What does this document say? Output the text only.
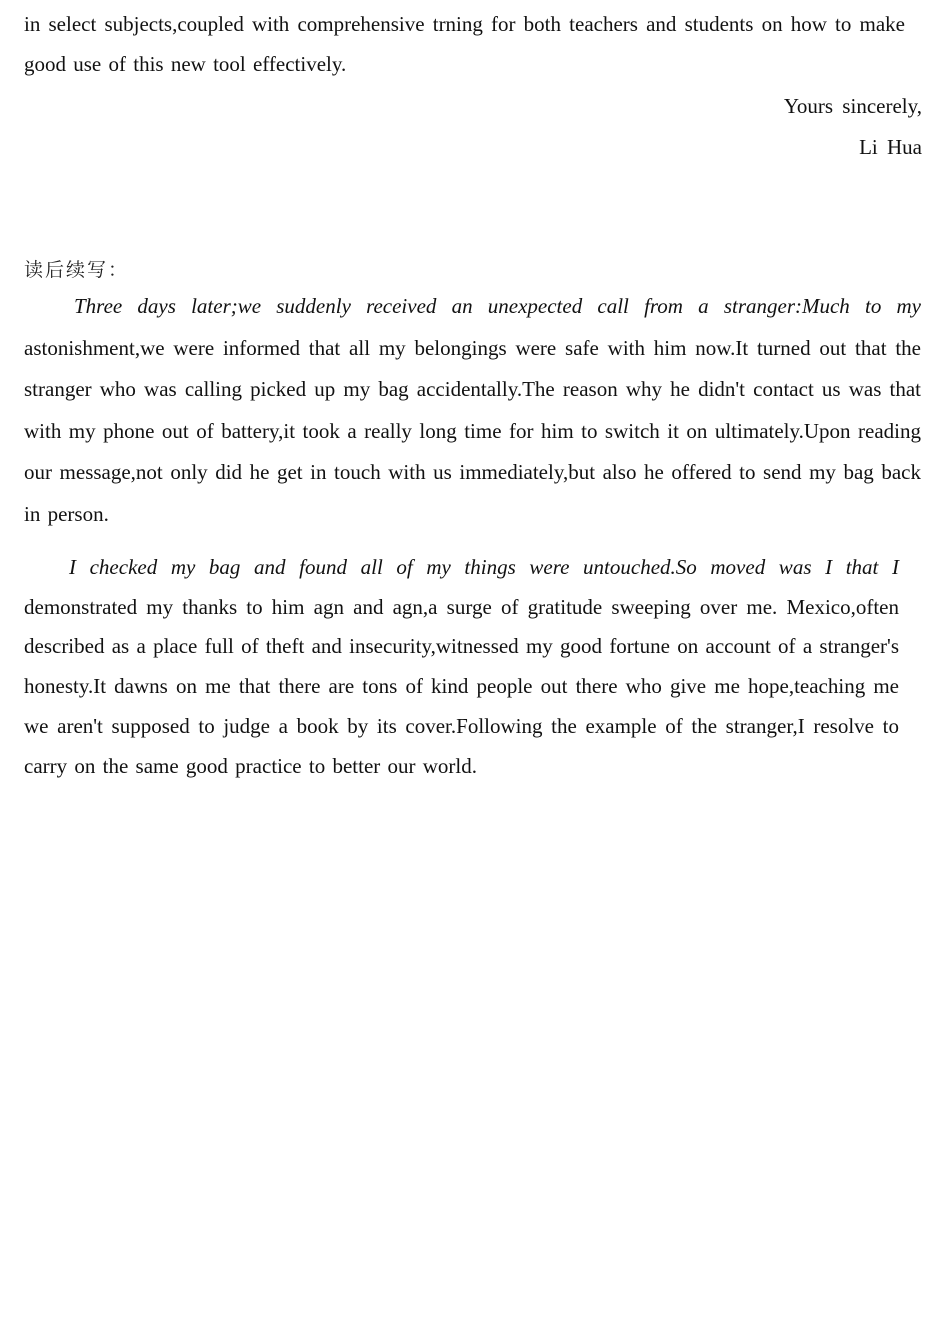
in select subjects,coupled with comprehensive trning for both teachers and students on how to make good use of this new tool effectively.

Yours sincerely,

Li Hua

读后续写：

Three days later;we suddenly received an unexpected call from a stranger:Much to my astonishment,we were informed that all my belongings were safe with him now.It turned out that the stranger who was calling picked up my bag accidentally.The reason why he didn't contact us was that with my phone out of battery,it took a really long time for him to switch it on ultimately.Upon reading our message,not only did he get in touch with us immediately,but also he offered to send my bag back in person.

I checked my bag and found all of my things were untouched.So moved was I that I demonstrated my thanks to him agn and agn,a surge of gratitude sweeping over me. Mexico,often described as a place full of theft and insecurity,witnessed my good fortune on account of a stranger's honesty.It dawns on me that there are tons of kind people out there who give me hope,teaching me we aren't supposed to judge a book by its cover.Following the example of the stranger,I resolve to carry on the same good practice to better our world.
